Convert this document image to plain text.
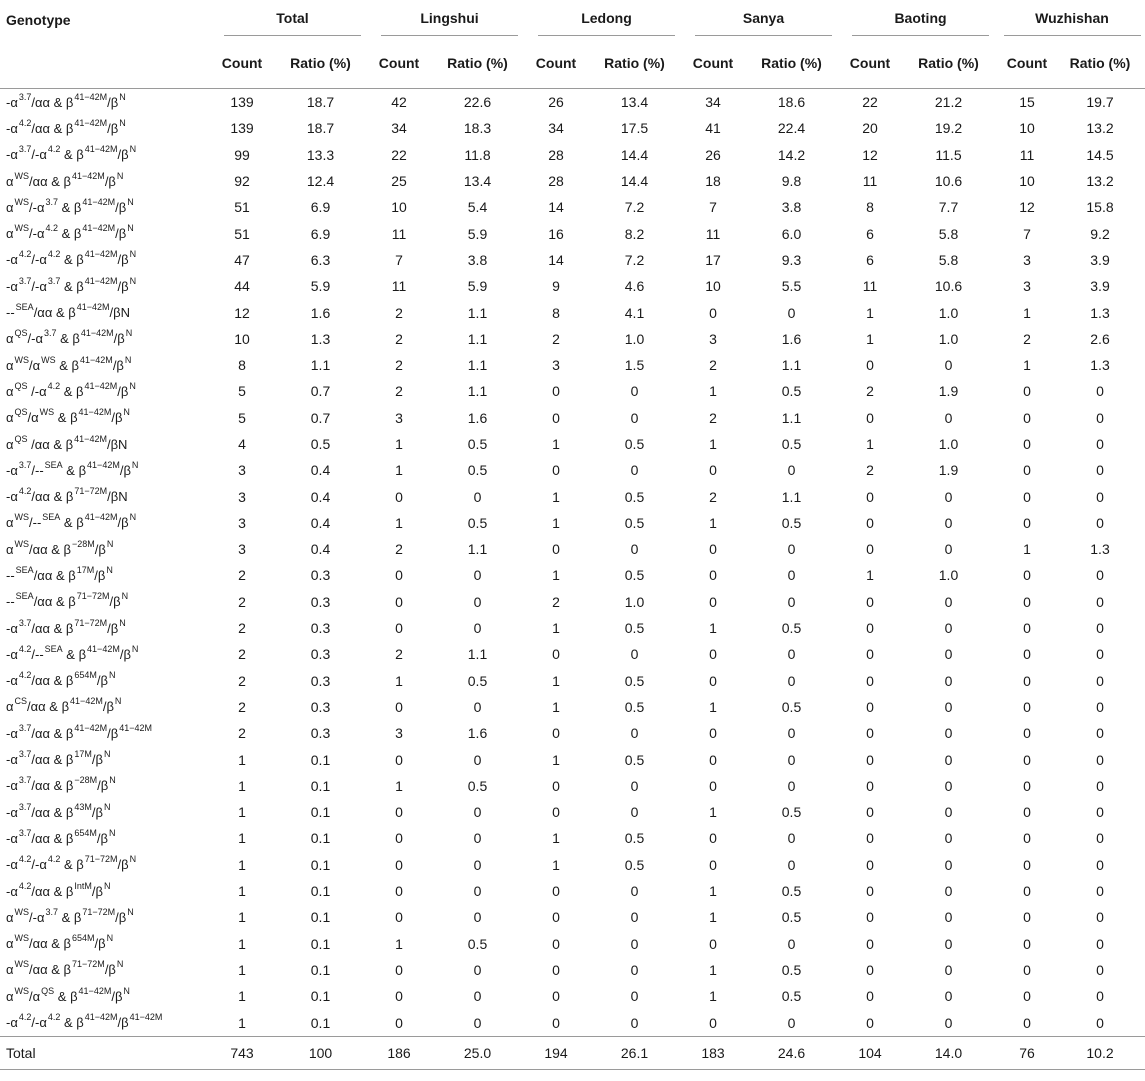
Genotype	Total		Lingshui		Ledong		Sanya		Baoting		Wuzhishan	
	Count	Ratio (%)	Count	Ratio (%)	Count	Ratio (%)	Count	Ratio (%)	Count	Ratio (%)	Count	Ratio (%)
$-\alpha^{3.7}/\alpha\alpha$ & $\beta^{41-42M}/\beta^N$	139	18.7	42	22.6	26	13.4	34	18.6	22	21.2	15	19.7
$-\alpha^{4.2}/\alpha\alpha$ & $\beta^{41-42M}/\beta^N$	139	18.7	34	18.3	34	17.5	41	22.4	20	19.2	10	13.2
$-\alpha^{3.7}/-\alpha^{4.2}$ & $\beta^{41-42M}/\beta^N$	99	13.3	22	11.8	28	14.4	26	14.2	12	11.5	11	14.5
$\alpha^{WS}/\alpha\alpha$ & $\beta^{41-42M}/\beta^N$	92	12.4	25	13.4	28	14.4	18	9.8	11	10.6	10	13.2
$\alpha^{WS}/-\alpha^{3.7}$ & $\beta^{41-42M}/\beta^N$	51	6.9	10	5.4	14	7.2	7	3.8	8	7.7	12	15.8
$\alpha^{WS}/-\alpha^{4.2}$ & $\beta^{41-42M}/\beta^N$	51	6.9	11	5.9	16	8.2	11	6.0	6	5.8	7	9.2
$-\alpha^{4.2}/-\alpha^{4.2}$ & $\beta^{41-42M}/\beta^N$	47	6.3	7	3.8	14	7.2	17	9.3	6	5.8	3	3.9
$-\alpha^{3.7}/-\alpha^{3.7}$ & $\beta^{41-42M}/\beta^N$	44	5.9	11	5.9	9	4.6	10	5.5	11	10.6	3	3.9
--$^{SEA}$/αα & $\beta^{41-42M}/\beta N$	12	1.6	2	1.1	8	4.1	0	0	1	1.0	1	1.3
$\alpha^{QS}/-\alpha^{3.7}$ & $\beta^{41-42M}/\beta^N$	10	1.3	2	1.1	2	1.0	3	1.6	1	1.0	2	2.6
$\alpha^{WS}/\alpha^{WS}$ & $\beta^{41-42M}/\beta^N$	8	1.1	2	1.1	3	1.5	2	1.1	0	0	1	1.3
$\alpha^{QS}$ $/-\alpha^{4.2}$ & $\beta^{41-42M}/\beta^N$	5	0.7	2	1.1	0	0	1	0.5	2	1.9	0	0
$\alpha^{QS}/\alpha^{WS}$ & $\beta^{41-42M}/\beta^N$	5	0.7	3	1.6	0	0	2	1.1	0	0	0	0
$\alpha^{QS}$ /αα & $\beta^{41-42M}/\beta N$	4	0.5	1	0.5	1	0.5	1	0.5	1	1.0	0	0
$-\alpha^{3.7}/--^{SEA}$ & $\beta^{41-42M}/\beta^N$	3	0.4	1	0.5	0	0	0	0	2	1.9	0	0
$-\alpha^{4.2}/\alpha\alpha$ & $\beta^{71-72M}/\beta N$	3	0.4	0	0	1	0.5	2	1.1	0	0	0	0
$\alpha^{WS}/--^{SEA}$ & $\beta^{41-42M}/\beta^N$	3	0.4	1	0.5	1	0.5	1	0.5	0	0	0	0
$\alpha^{WS}/\alpha\alpha$ & $\beta^{-28M}/\beta^N$	3	0.4	2	1.1	0	0	0	0	0	0	1	1.3
--$^{SEA}$/αα & $\beta^{17M}/\beta^N$	2	0.3	0	0	1	0.5	0	0	1	1.0	0	0
--$^{SEA}$/αα & $\beta^{71-72M}/\beta^N$	2	0.3	0	0	2	1.0	0	0	0	0	0	0
$-\alpha^{3.7}/\alpha\alpha$ & $\beta^{71-72M}/\beta^N$	2	0.3	0	0	1	0.5	1	0.5	0	0	0	0
$-\alpha^{4.2}/--^{SEA}$ & $\beta^{41-42M}/\beta^N$	2	0.3	2	1.1	0	0	0	0	0	0	0	0
$-\alpha^{4.2}/\alpha\alpha$ & $\beta^{654M}/\beta^N$	2	0.3	1	0.5	1	0.5	0	0	0	0	0	0
$\alpha^{CS}/\alpha\alpha$ & $\beta^{41-42M}/\beta^N$	2	0.3	0	0	1	0.5	1	0.5	0	0	0	0
$-\alpha^{3.7}/\alpha\alpha$ & $\beta^{41-42M}/\beta^{41-42M}$	2	0.3	3	1.6	0	0	0	0	0	0	0	0
$-\alpha^{3.7}/\alpha\alpha$ & $\beta^{17M}/\beta^N$	1	0.1	0	0	1	0.5	0	0	0	0	0	0
$-\alpha^{3.7}/\alpha\alpha$ & $\beta^{-28M}/\beta^N$	1	0.1	1	0.5	0	0	0	0	0	0	0	0
$-\alpha^{3.7}/\alpha\alpha$ & $\beta^{43M}/\beta^N$	1	0.1	0	0	0	0	1	0.5	0	0	0	0
$-\alpha^{3.7}/\alpha\alpha$ & $\beta^{654M}/\beta^N$	1	0.1	0	0	1	0.5	0	0	0	0	0	0
$-\alpha^{4.2}/-\alpha^{4.2}$ & $\beta^{71-72M}/\beta^N$	1	0.1	0	0	1	0.5	0	0	0	0	0	0
$-\alpha^{4.2}/\alpha\alpha$ & $\beta^{IntM}/\beta^N$	1	0.1	0	0	0	0	1	0.5	0	0	0	0
$\alpha^{WS}/-\alpha^{3.7}$ & $\beta^{71-72M}/\beta^N$	1	0.1	0	0	0	0	1	0.5	0	0	0	0
$\alpha^{WS}/\alpha\alpha$ & $\beta^{654M}/\beta^N$	1	0.1	1	0.5	0	0	0	0	0	0	0	0
$\alpha^{WS}/\alpha\alpha$ & $\beta^{71-72M}/\beta^N$	1	0.1	0	0	0	0	1	0.5	0	0	0	0
$\alpha^{WS}/\alpha^{QS}$ & $\beta^{41-42M}/\beta^N$	1	0.1	0	0	0	0	1	0.5	0	0	0	0
$-\alpha^{4.2}/-\alpha^{4.2}$ & $\beta^{41-42M}/\beta^{41-42M}$	1	0.1	0	0	0	0	0	0	0	0	0	0
Total	743	100	186	25.0	194	26.1	183	24.6	104	14.0	76	10.2
